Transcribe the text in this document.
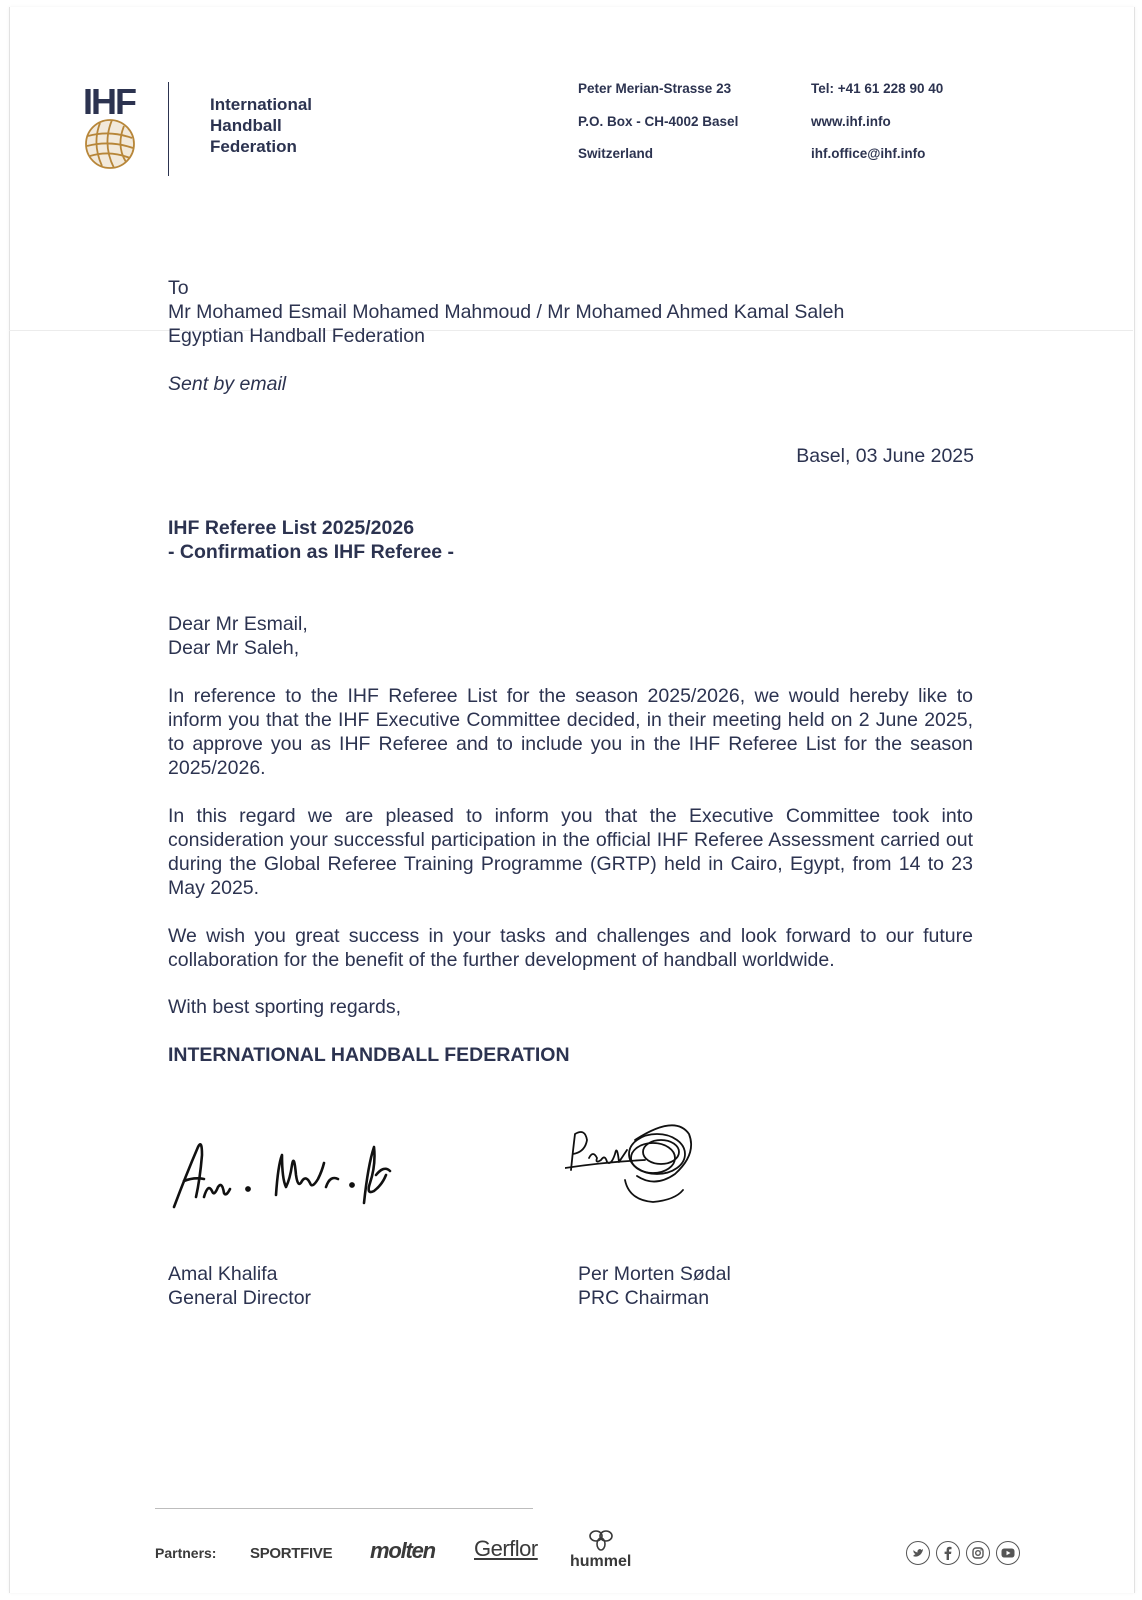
IHF	International
Handball
Federation
Peter Merian-Strasse 23
P.O. Box - CH-4002 Basel
Switzerland
Tel: +41 61 228 90 40
www.ihf.info
ihf.office@ihf.info
To
Mr Mohamed Esmail Mohamed Mahmoud / Mr Mohamed Ahmed Kamal Saleh
Egyptian Handball Federation
Sent by email
Basel, 03 June 2025
IHF Referee List 2025/2026
- Confirmation as IHF Referee -
Dear Mr Esmail,
Dear Mr Saleh,
In reference to the IHF Referee List for the season 2025/2026, we would hereby like to inform you that the IHF Executive Committee decided, in their meeting held on 2 June 2025, to approve you as IHF Referee and to include you in the IHF Referee List for the season 2025/2026.
In this regard we are pleased to inform you that the Executive Committee took into consideration your successful participation in the official IHF Referee Assessment carried out during the Global Referee Training Programme (GRTP) held in Cairo, Egypt, from 14 to 23 May 2025.
We wish you great success in your tasks and challenges and look forward to our future collaboration for the benefit of the further development of handball worldwide.
With best sporting regards,
INTERNATIONAL HANDBALL FEDERATION
Amal Khalifa
General Director
Per Morten Sødal
PRC Chairman
Partners: SPORTFIVE molten Gerflor
hummel
